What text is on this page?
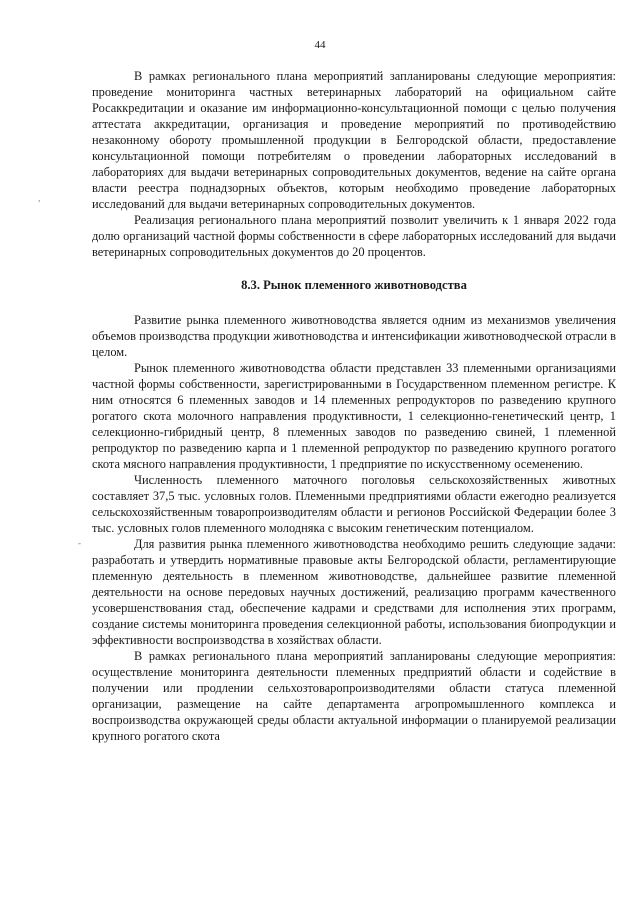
44
,
-

В рамках регионального плана мероприятий запланированы следующие мероприятия: проведение мониторинга частных ветеринарных лабораторий на официальном сайте Росаккредитации и оказание им информационно-консультационной помощи с целью получения аттестата аккредитации, организация и проведение мероприятий по противодействию незаконному обороту промышленной продукции в Белгородской области, предоставление консультационной помощи потребителям о проведении лабораторных исследований в лабораториях для выдачи ветеринарных сопроводительных документов, ведение на сайте органа власти реестра поднадзорных объектов, которым необходимо проведение лабораторных исследований для выдачи ветеринарных сопроводительных документов.

Реализация регионального плана мероприятий позволит увеличить к 1 января 2022 года долю организаций частной формы собственности в сфере лабораторных исследований для выдачи ветеринарных сопроводительных документов до 20 процентов.

8.3. Рынок племенного животноводства

Развитие рынка племенного животноводства является одним из механизмов увеличения объемов производства продукции животноводства и интенсификации животноводческой отрасли в целом.

Рынок племенного животноводства области представлен 33 племенными организациями частной формы собственности, зарегистрированными в Государственном племенном регистре. К ним относятся 6 племенных заводов и 14 племенных репродукторов по разведению крупного рогатого скота молочного направления продуктивности, 1 селекционно-генетический центр, 1 селекционно-гибридный центр, 8 племенных заводов по разведению свиней, 1 племенной репродуктор по разведению карпа и 1 племенной репродуктор по разведению крупного рогатого скота мясного направления продуктивности, 1 предприятие по искусственному осеменению.

Численность племенного маточного поголовья сельскохозяйственных животных составляет 37,5 тыс. условных голов. Племенными предприятиями области ежегодно реализуется сельскохозяйственным товаропроизводителям области и регионов Российской Федерации более 3 тыс. условных голов племенного молодняка с высоким генетическим потенциалом.

Для развития рынка племенного животноводства необходимо решить следующие задачи: разработать и утвердить нормативные правовые акты Белгородской области, регламентирующие племенную деятельность в племенном животноводстве, дальнейшее развитие племенной деятельности на основе передовых научных достижений, реализацию программ качественного усовершенствования стад, обеспечение кадрами и средствами для исполнения этих программ, создание системы мониторинга проведения селекционной работы, использования биопродукции и эффективности воспроизводства в хозяйствах области.

В рамках регионального плана мероприятий запланированы следующие мероприятия: осуществление мониторинга деятельности племенных предприятий области и содействие в получении или продлении сельхозтоваропроизводителями области статуса племенной организации, размещение на сайте департамента агропромышленного комплекса и воспроизводства окружающей среды области актуальной информации о планируемой реализации крупного рогатого скота
